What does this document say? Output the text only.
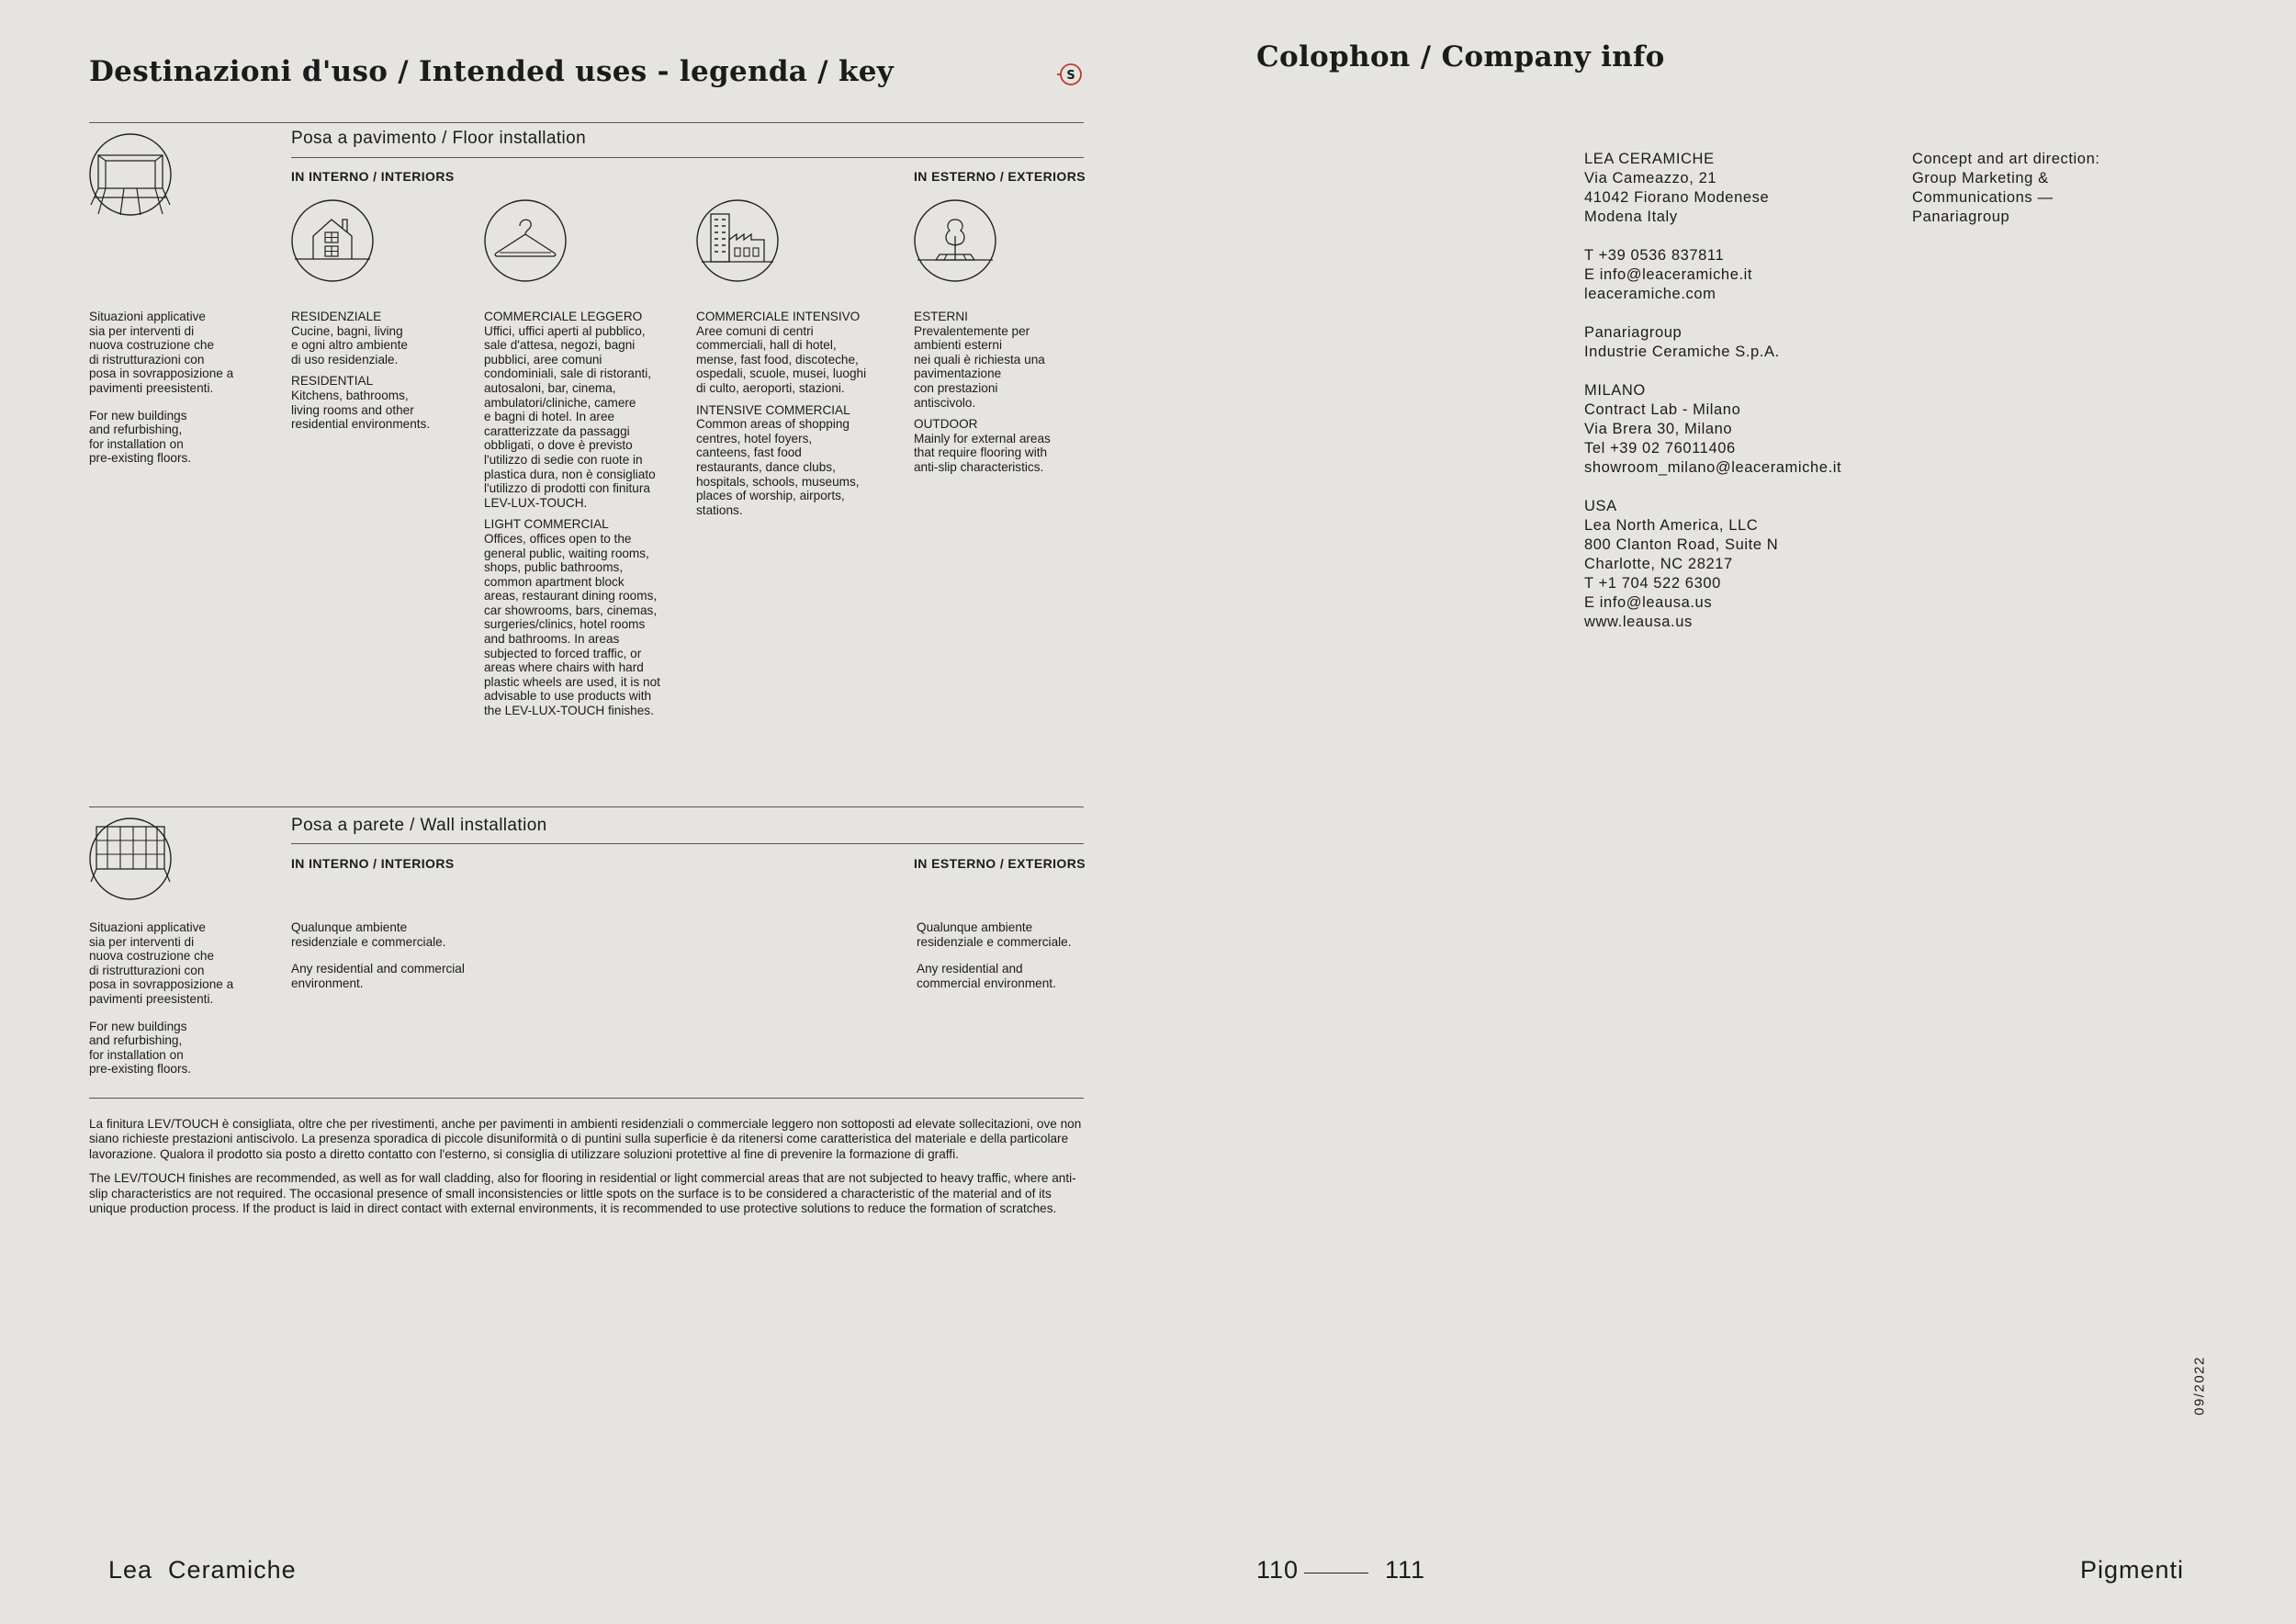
Destinazioni d'uso / Intended uses - legenda / key	S
Posa a pavimento / Floor installation
IN INTERNO / INTERIORS	IN ESTERNO / EXTERIORS

Situazioni applicative

sia per interventi di

nuova costruzione che

di ristrutturazioni con

posa in sovrapposizione a

pavimenti preesistenti.

For new buildings

and refurbishing,

for installation on

pre-existing floors.

RESIDENZIALE

Cucine, bagni, living

e ogni altro ambiente

di uso residenziale.

RESIDENTIAL

Kitchens, bathrooms,

living rooms and other

residential environments.

COMMERCIALE LEGGERO

Uffici, uffici aperti al pubblico,

sale d'attesa, negozi, bagni

pubblici, aree comuni

condominiali, sale di ristoranti,

autosaloni, bar, cinema,

ambulatori/cliniche, camere

e bagni di hotel. In aree

caratterizzate da passaggi

obbligati, o dove è previsto

l'utilizzo di sedie con ruote in

plastica dura, non è consigliato

l'utilizzo di prodotti con finitura

LEV-LUX-TOUCH.

LIGHT COMMERCIAL

Offices, offices open to the

general public, waiting rooms,

shops, public bathrooms,

common apartment block

areas, restaurant dining rooms,

car showrooms, bars, cinemas,

surgeries/clinics, hotel rooms

and bathrooms. In areas

subjected to forced traffic, or

areas where chairs with hard

plastic wheels are used, it is not

advisable to use products with

the LEV-LUX-TOUCH finishes.

COMMERCIALE INTENSIVO

Aree comuni di centri

commerciali, hall di hotel,

mense, fast food, discoteche,

ospedali, scuole, musei, luoghi

di culto, aeroporti, stazioni.

INTENSIVE COMMERCIAL

Common areas of shopping

centres, hotel foyers,

canteens, fast food

restaurants, dance clubs,

hospitals, schools, museums,

places of worship, airports,

stations.

ESTERNI

Prevalentemente per

ambienti esterni

nei quali è richiesta una

pavimentazione

con prestazioni

antiscivolo.

OUTDOOR

Mainly for external areas

that require flooring with

anti-slip characteristics.

Posa a parete / Wall installation
IN INTERNO / INTERIORS	IN ESTERNO / EXTERIORS

Situazioni applicative

sia per interventi di

nuova costruzione che

di ristrutturazioni con

posa in sovrapposizione a

pavimenti preesistenti.

For new buildings

and refurbishing,

for installation on

pre-existing floors.

Qualunque ambiente

residenziale e commerciale.

Any residential and commercial

environment.

Qualunque ambiente

residenziale e commerciale.

Any residential and

commercial environment.

La finitura LEV/TOUCH è consigliata, oltre che per rivestimenti, anche per pavimenti in ambienti residenziali o commerciale leggero non sottoposti ad elevate sollecitazioni, ove non siano richieste prestazioni antiscivolo. La presenza sporadica di piccole disuniformità o di puntini sulla superficie è da ritenersi come caratteristica del materiale e della particolare lavorazione. Qualora il prodotto sia posto a diretto contatto con l'esterno, si consiglia di utilizzare soluzioni protettive al fine di prevenire la formazione di graffi.

The LEV/TOUCH finishes are recommended, as well as for wall cladding, also for flooring in residential or light commercial areas that are not subjected to heavy traffic, where anti-slip characteristics are not required. The occasional presence of small inconsistencies or little spots on the surface is to be considered a characteristic of the material and of its unique production process. If the product is laid in direct contact with external environments, it is recommended to use protective solutions to reduce the formation of scratches.

Colophon / Company info

LEA CERAMICHE

Via Cameazzo, 21

41042 Fiorano Modenese

Modena Italy

T +39 0536 837811

E info@leaceramiche.it

leaceramiche.com

Panariagroup

Industrie Ceramiche S.p.A.

MILANO

Contract Lab - Milano

Via Brera 30, Milano

Tel +39 02 76011406

showroom_milano@leaceramiche.it

USA

Lea North America, LLC

800 Clanton Road, Suite N

Charlotte, NC 28217

T +1 704 522 6300

E info@leausa.us

www.leausa.us

Concept and art direction:

Group Marketing &

Communications —

Panariagroup

09/2022
Lea  Ceramiche	110	111	Pigmenti
